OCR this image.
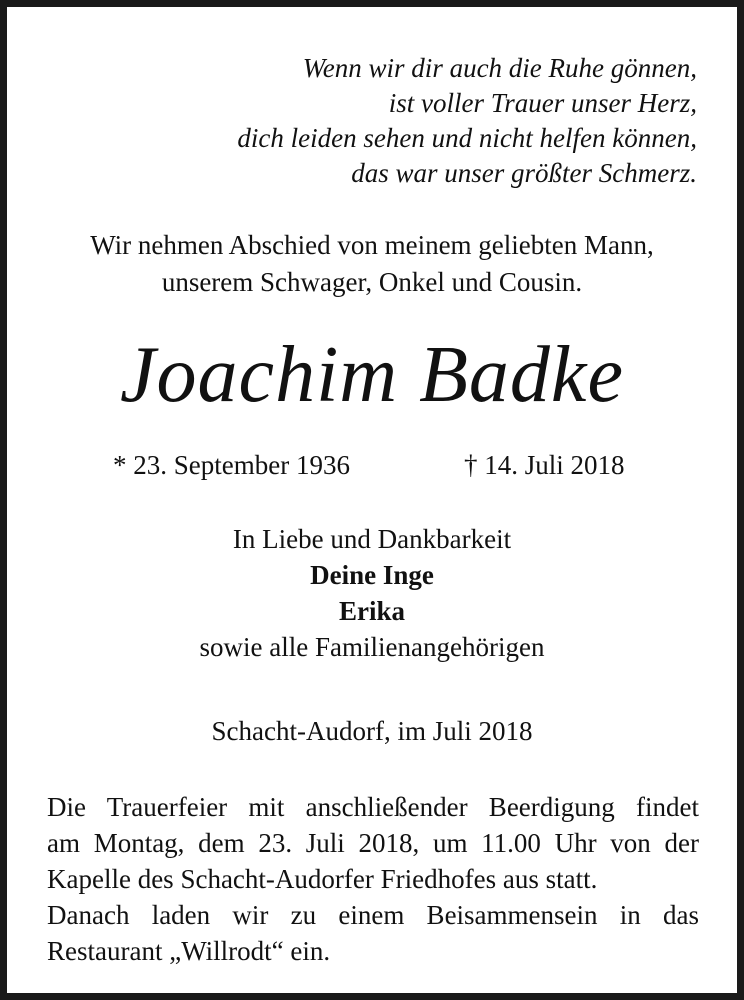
Wenn wir dir auch die Ruhe gönnen,
ist voller Trauer unser Herz,
dich leiden sehen und nicht helfen können,
das war unser größter Schmerz.
Wir nehmen Abschied von meinem geliebten Mann,
unserem Schwager, Onkel und Cousin.
Joachim Badke
* 23. September 1936	† 14. Juli 2018
In Liebe und Dankbarkeit
Deine Inge
Erika
sowie alle Familienangehörigen
Schacht-Audorf, im Juli 2018
Die Trauerfeier mit anschließender Beerdigung findet
am Montag, dem 23. Juli 2018, um 11.00 Uhr von der
Kapelle des Schacht-Audorfer Friedhofes aus statt.
Danach laden wir zu einem Beisammensein in das
Restaurant „Willrodt“ ein.
